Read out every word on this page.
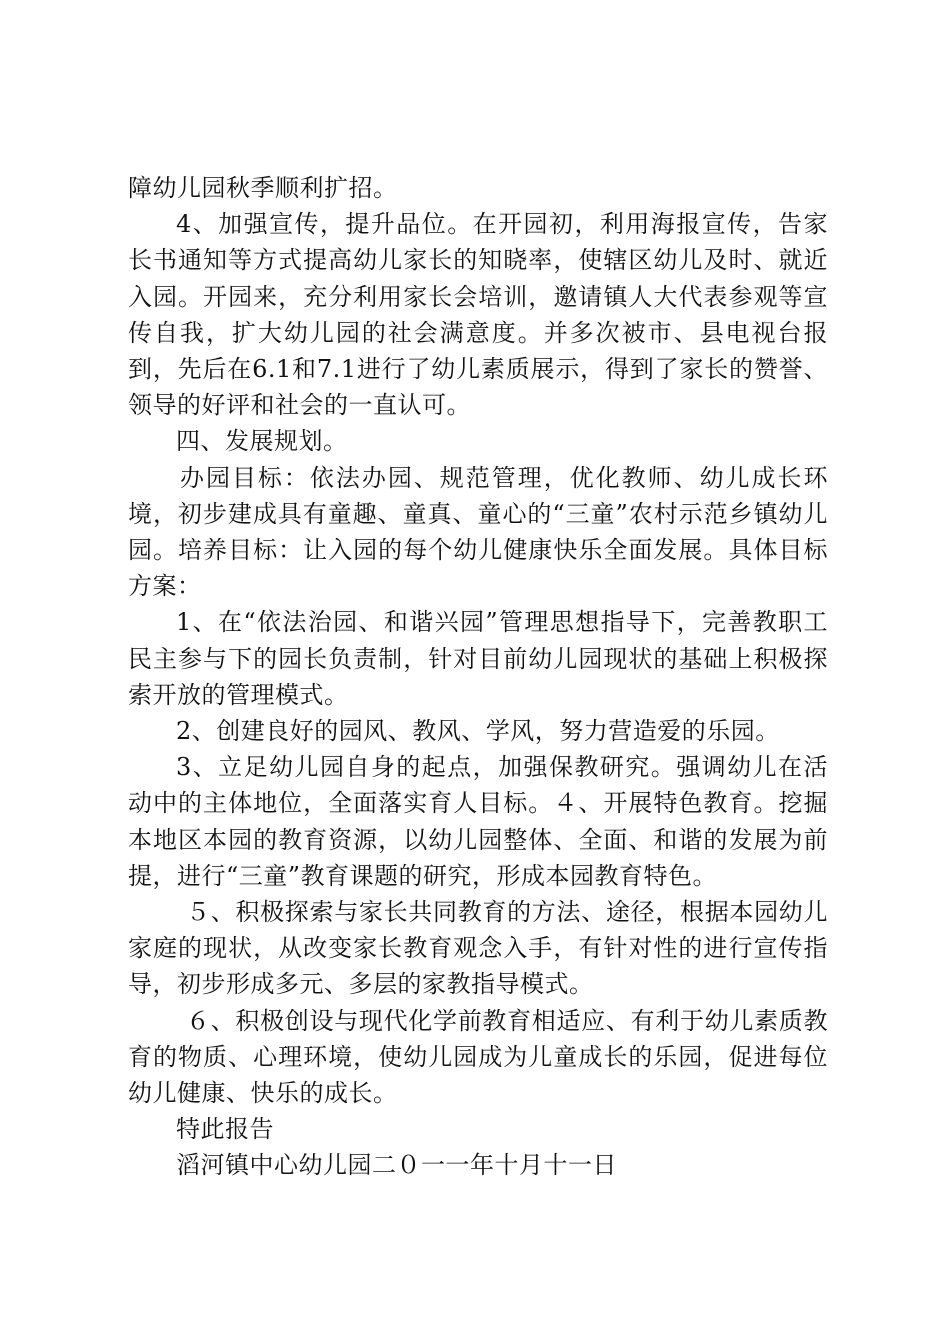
障幼儿园秋季顺利扩招。

4、加强宣传，提升品位。在开园初，利用海报宣传，告家长书通知等方式提高幼儿家长的知晓率，使辖区幼儿及时、就近入园。开园来，充分利用家长会培训，邀请镇人大代表参观等宣传自我，扩大幼儿园的社会满意度。并多次被市、县电视台报到，先后在6.1和7.1进行了幼儿素质展示，得到了家长的赞誉、领导的好评和社会的一直认可。

四、发展规划。

办园目标：依法办园、规范管理，优化教师、幼儿成长环境，初步建成具有童趣、童真、童心的“三童”农村示范乡镇幼儿园。培养目标：让入园的每个幼儿健康快乐全面发展。具体目标方案：

1、在“依法治园、和谐兴园”管理思想指导下，完善教职工民主参与下的园长负责制，针对目前幼儿园现状的基础上积极探索开放的管理模式。

2、创建良好的园风、教风、学风，努力营造爱的乐园。

3、立足幼儿园自身的起点，加强保教研究。强调幼儿在活动中的主体地位，全面落实育人目标。４、开展特色教育。挖掘本地区本园的教育资源，以幼儿园整体、全面、和谐的发展为前提，进行“三童”教育课题的研究，形成本园教育特色。

５、积极探索与家长共同教育的方法、途径，根据本园幼儿家庭的现状，从改变家长教育观念入手，有针对性的进行宣传指导，初步形成多元、多层的家教指导模式。

６、积极创设与现代化学前教育相适应、有利于幼儿素质教育的物质、心理环境，使幼儿园成为儿童成长的乐园，促进每位幼儿健康、快乐的成长。

特此报告

滔河镇中心幼儿园二０一一年十月十一日
